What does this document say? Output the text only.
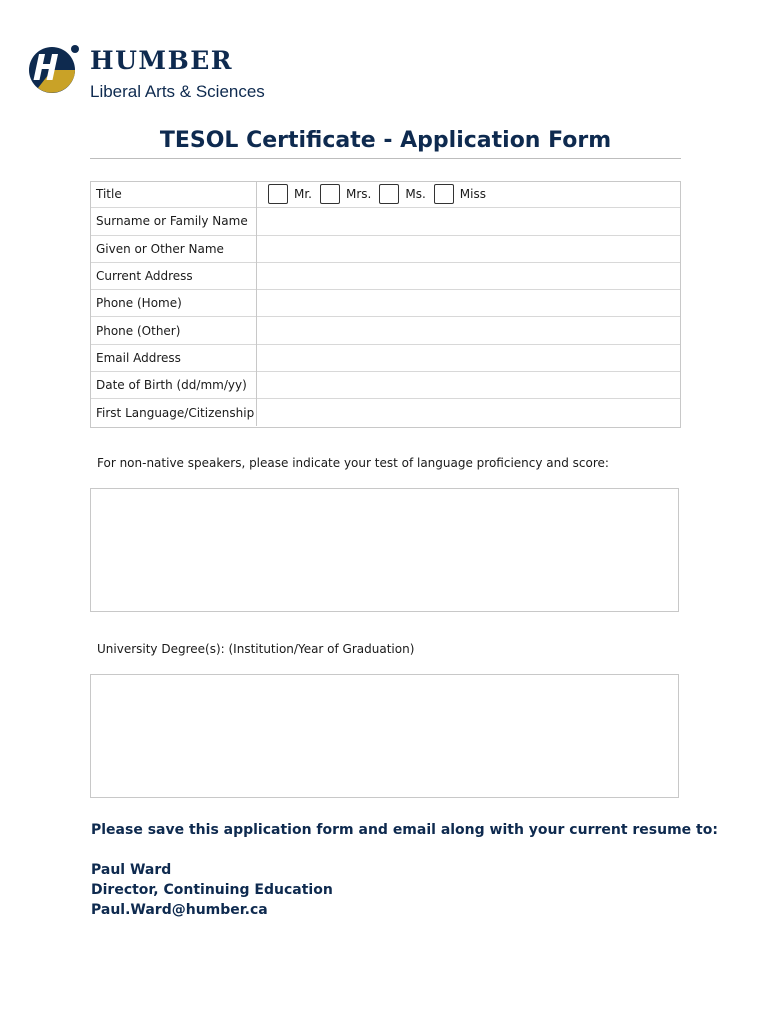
HUMBER
Liberal Arts & Sciences
TESOL Certificate - Application Form
Title	Mr. Mrs. Ms. Miss

Surname or Family Name	
Given or Other Name	
Current Address	
Phone (Home)	
Phone (Other)	
Email Address	
Date of Birth (dd/mm/yy)	
First Language/Citizenship	
For non-native speakers, please indicate your test of language proficiency and score:
University Degree(s): (Institution/Year of Graduation)
Please save this application form and email along with your current resume to:
Paul Ward
Director, Continuing Education
Paul.Ward@humber.ca
